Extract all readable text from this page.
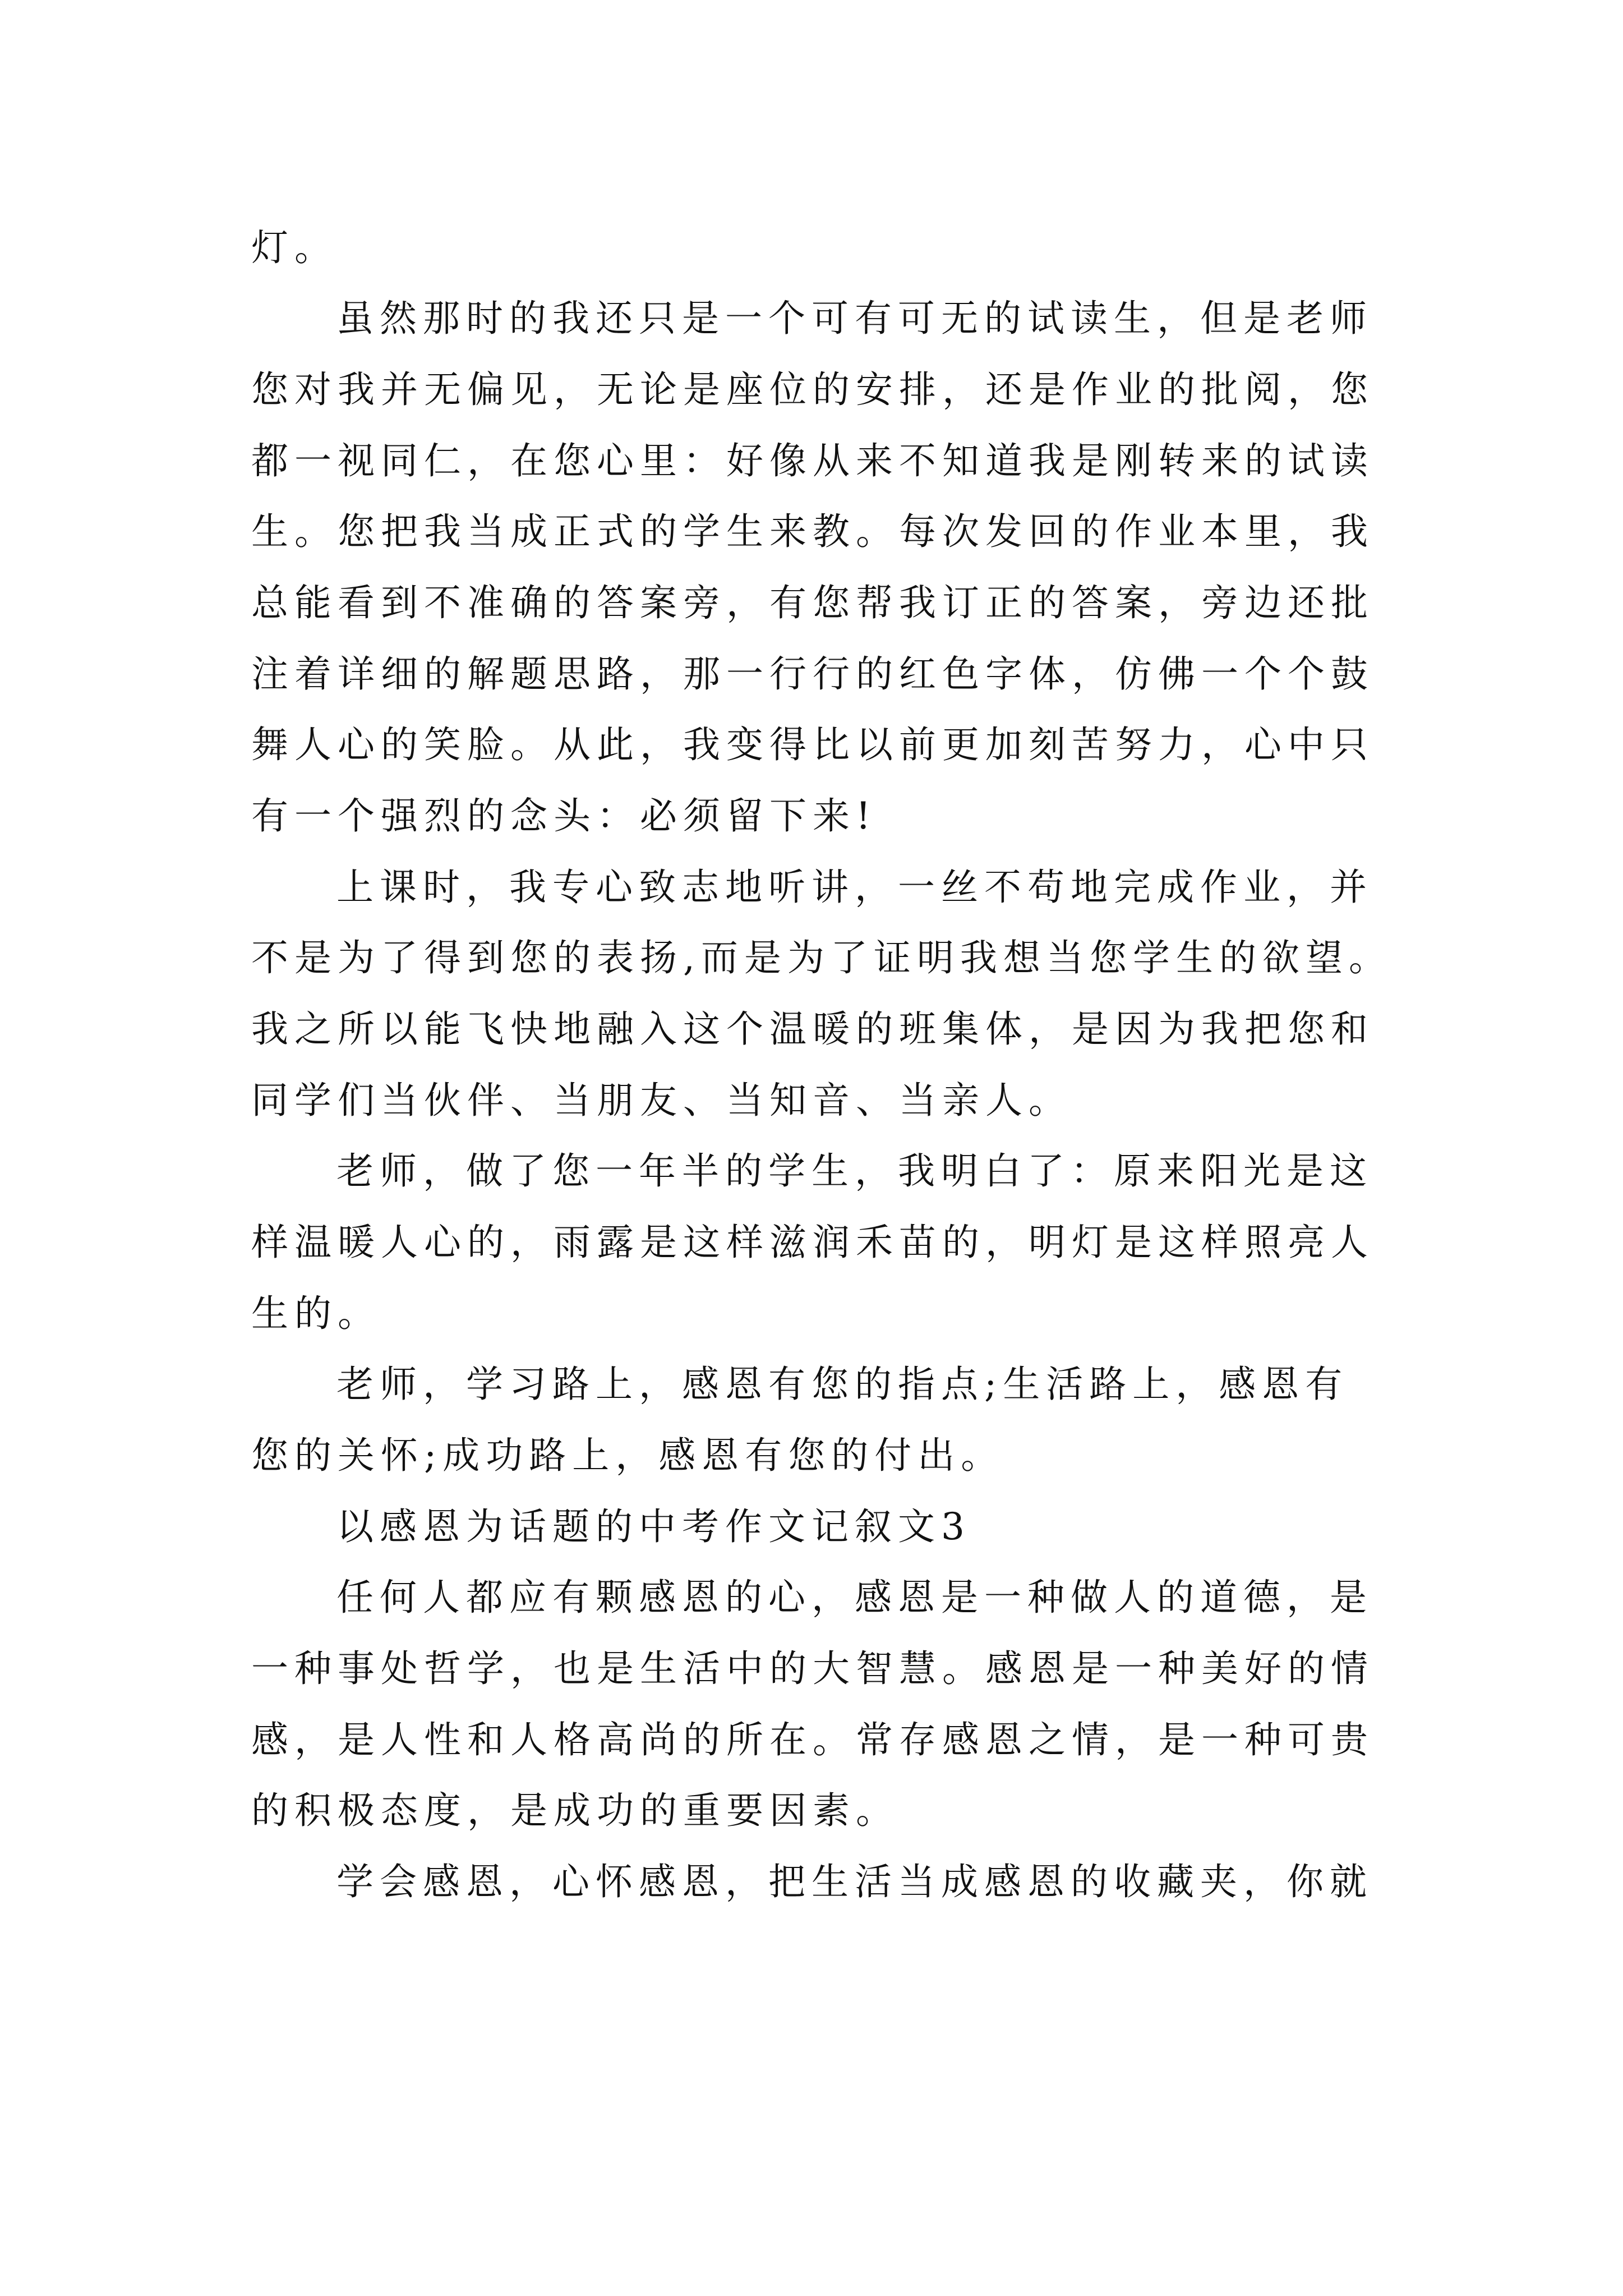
灯。
虽然那时的我还只是一个可有可无的试读生，但是老师
您对我并无偏见，无论是座位的安排，还是作业的批阅，您
都一视同仁，在您心里：好像从来不知道我是刚转来的试读
生。您把我当成正式的学生来教。每次发回的作业本里，我
总能看到不准确的答案旁，有您帮我订正的答案，旁边还批
注着详细的解题思路，那一行行的红色字体，仿佛一个个鼓
舞人心的笑脸。从此，我变得比以前更加刻苦努力，心中只
有一个强烈的念头：必须留下来!
上课时，我专心致志地听讲，一丝不苟地完成作业，并
不是为了得到您的表扬,而是为了证明我想当您学生的欲望。
我之所以能飞快地融入这个温暖的班集体，是因为我把您和
同学们当伙伴、当朋友、当知音、当亲人。
老师，做了您一年半的学生，我明白了：原来阳光是这
样温暖人心的，雨露是这样滋润禾苗的，明灯是这样照亮人
生的。
老师，学习路上，感恩有您的指点;生活路上，感恩有
您的关怀;成功路上，感恩有您的付出。
以感恩为话题的中考作文记叙文3
任何人都应有颗感恩的心，感恩是一种做人的道德，是
一种事处哲学，也是生活中的大智慧。感恩是一种美好的情
感，是人性和人格高尚的所在。常存感恩之情，是一种可贵
的积极态度，是成功的重要因素。
学会感恩，心怀感恩，把生活当成感恩的收藏夹，你就
